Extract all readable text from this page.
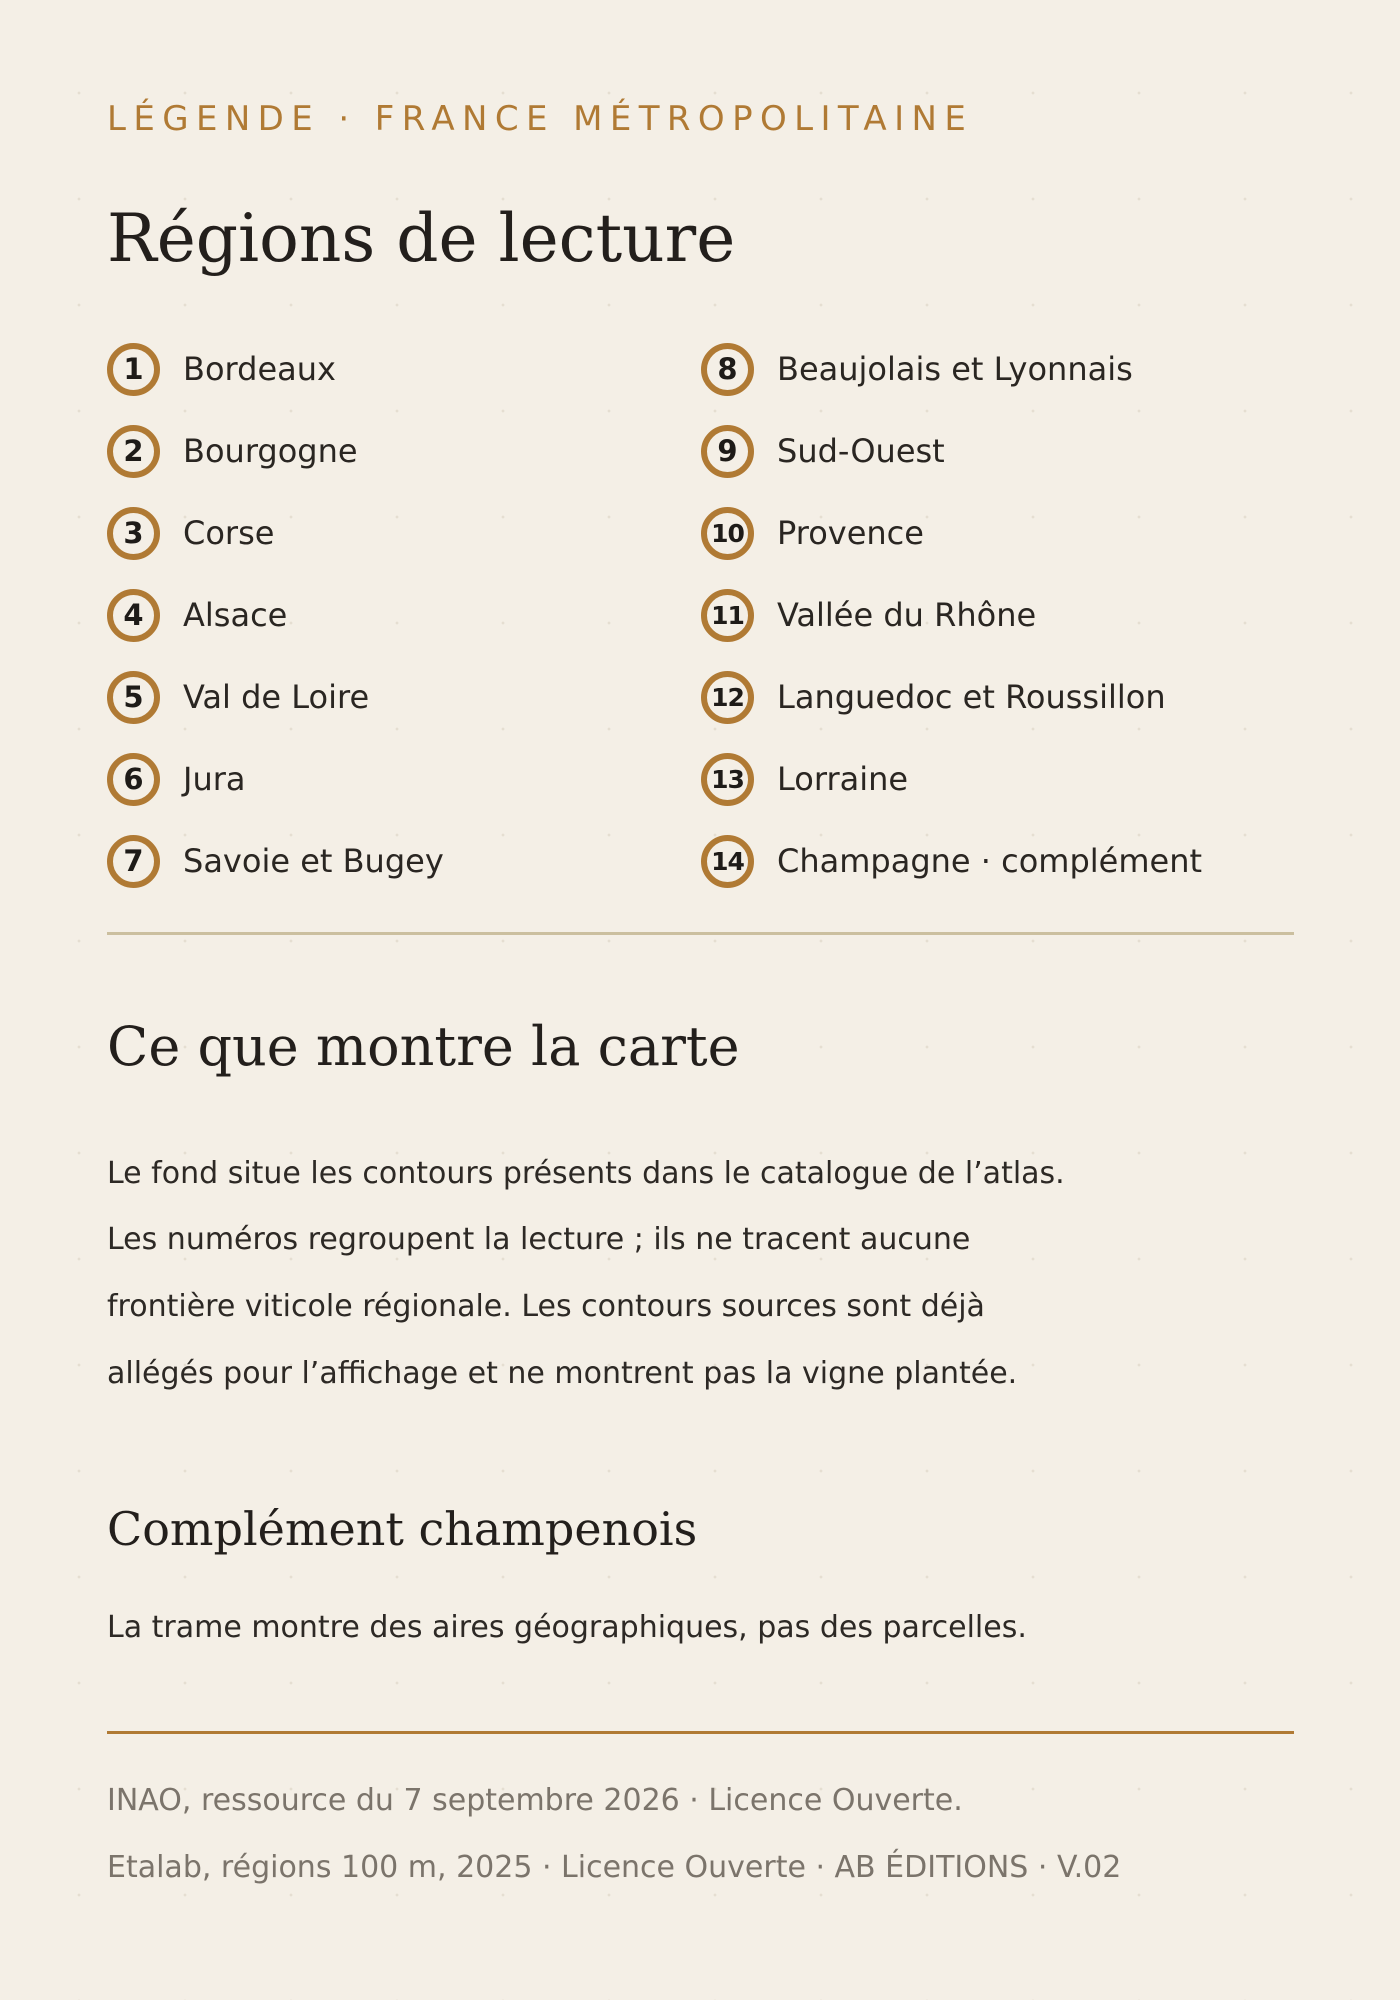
LÉGENDE · FRANCE MÉTROPOLITAINE
Régions de lecture
1	Bordeaux
2	Bourgogne
3	Corse
4	Alsace
5	Val de Loire
6	Jura
7	Savoie et Bugey
8	Beaujolais et Lyonnais
9	Sud-Ouest
10	Provence
11	Vallée du Rhône
12	Languedoc et Roussillon
13	Lorraine
14	Champagne · complément
Ce que montre la carte
Le fond situe les contours présents dans le catalogue de l’atlas.
Les numéros regroupent la lecture ; ils ne tracent aucune
frontière viticole régionale. Les contours sources sont déjà
allégés pour l’affichage et ne montrent pas la vigne plantée.
Complément champenois
La trame montre des aires géographiques, pas des parcelles.
INAO, ressource du 7 septembre 2026 · Licence Ouverte.
Etalab, régions 100 m, 2025 · Licence Ouverte · AB ÉDITIONS · V.02
